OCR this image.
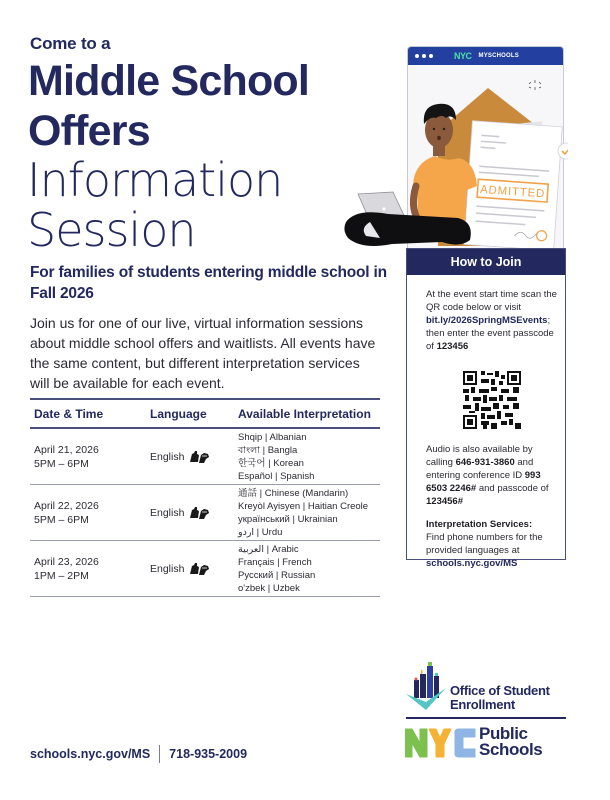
Come to a
Middle School
Offers
Information
Session
For families of students entering middle school in Fall 2026
Join us for one of our live, virtual information sessions about middle school offers and waitlists. All events have the same content, but different interpretation services will be available for each event.
Date & Time	Language	Available Interpretation
April 21, 2026
5PM – 6PM
English
Shqip | Albanian
বাংলা | Bangla
한국어 | Korean
Español | Spanish
April 22, 2026
5PM – 6PM
English
通話 | Chinese (Mandarin)
Kreyòl Ayisyen | Haitian Creole
український | Ukrainian
اردو | Urdu
April 23, 2026
1PM – 2PM
English
العربية | Arabic
Français | French
Русский | Russian
o'zbek | Uzbek
NYC MYSCHOOLS
ADMITTED
How to Join

At the event start time scan the QR code below or visit bit.ly/2026SpringMSEvents; then enter the event passcode of 123456

Audio is also available by calling 646-931-3860 and entering conference ID 993 6503 2246# and passcode of 123456#

Interpretation Services:
Find phone numbers for the provided languages at schools.nyc.gov/MS

Office of Student
Enrollment
Public
Schools
schools.nyc.gov/MS 718-935-2009
